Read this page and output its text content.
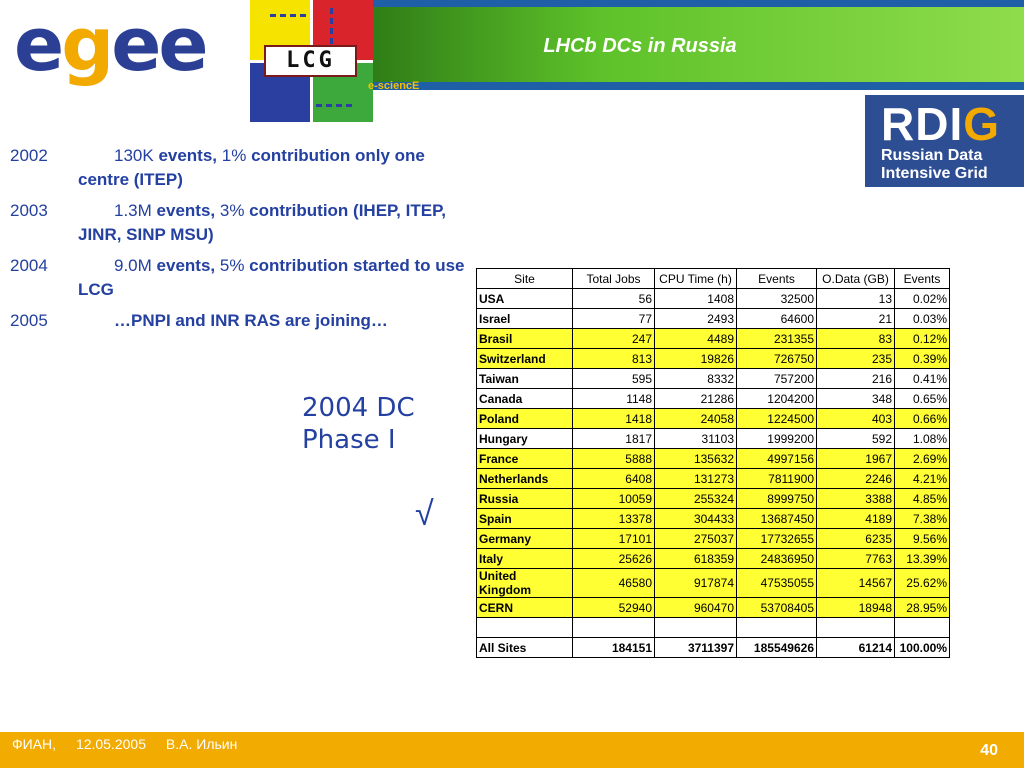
egee	LCG
e-sciencE
LHCb DCs in Russia
RDIG
Russian Data
Intensive Grid
2002	130K events, 1% contribution only one centre (ITEP)
2003	1.3M events, 3% contribution (IHEP, ITEP, JINR, SINP MSU)
2004	9.0M events, 5% contribution started to use LCG
2005	…PNPI and INR RAS are joining…
2004 DC
Phase I
√
Site	Total Jobs	CPU Time (h)	Events	O.Data (GB)	Events
USA	56	1408	32500	13	0.02%
Israel	77	2493	64600	21	0.03%
Brasil	247	4489	231355	83	0.12%
Switzerland	813	19826	726750	235	0.39%
Taiwan	595	8332	757200	216	0.41%
Canada	1148	21286	1204200	348	0.65%
Poland	1418	24058	1224500	403	0.66%
Hungary	1817	31103	1999200	592	1.08%
France	5888	135632	4997156	1967	2.69%
Netherlands	6408	131273	7811900	2246	4.21%
Russia	10059	255324	8999750	3388	4.85%
Spain	13378	304433	13687450	4189	7.38%
Germany	17101	275037	17732655	6235	9.56%
Italy	25626	618359	24836950	7763	13.39%
United Kingdom	46580	917874	47535055	14567	25.62%
CERN	52940	960470	53708405	18948	28.95%

All Sites	184151	3711397	185549626	61214	100.00%
ФИАН, 12.05.2005 В.А. Ильин	40
